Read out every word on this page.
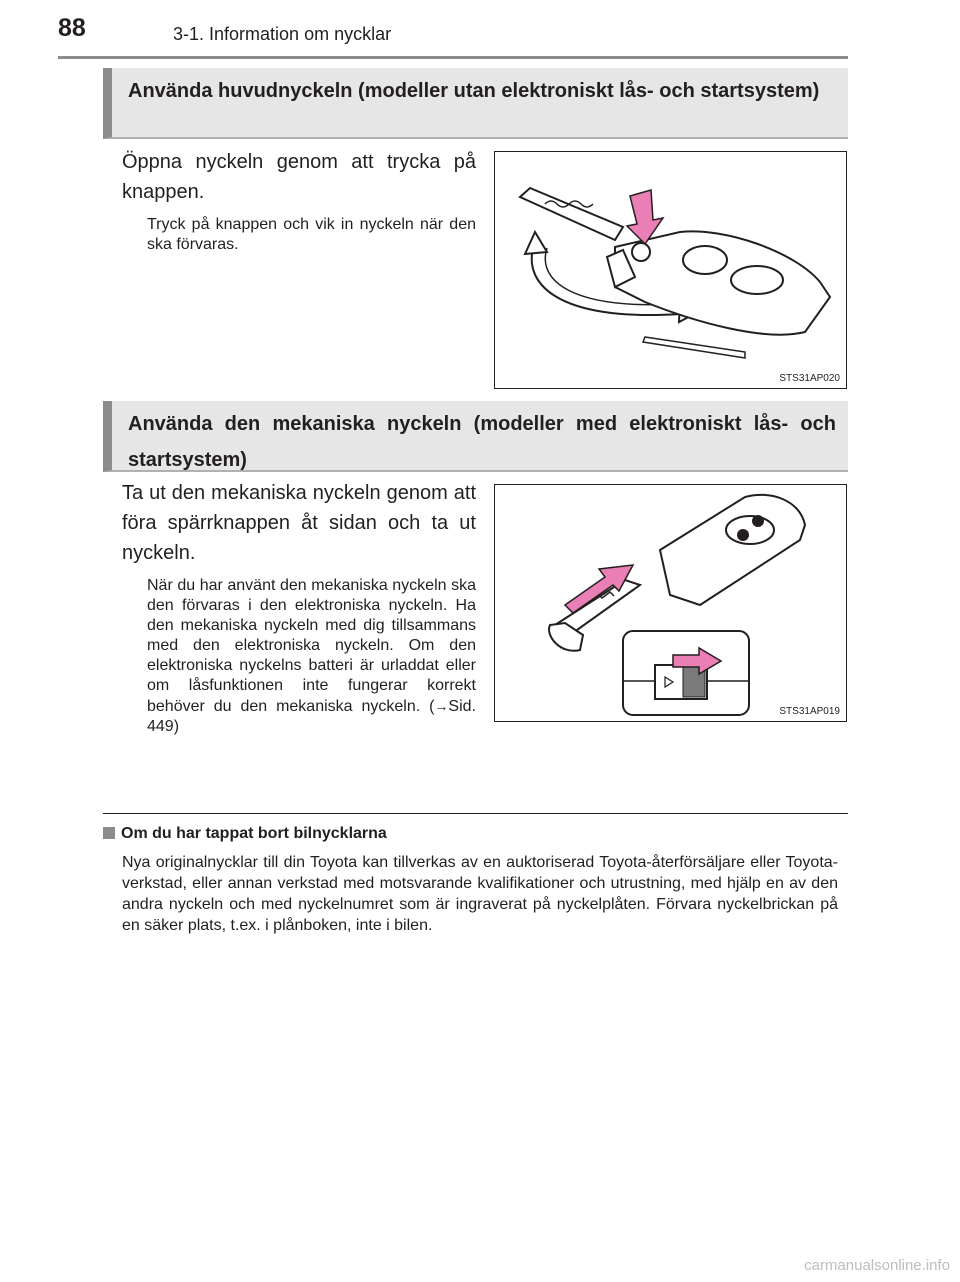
88	3-1. Information om nycklar
Använda huvudnyckeln (modeller utan elektroniskt lås- och startsystem)
Öppna nyckeln genom att trycka på knappen.
Tryck på knappen och vik in nyckeln när den ska förvaras.
STS31AP020
Använda den mekaniska nyckeln (modeller med elektroniskt lås- och startsystem)
Ta ut den mekaniska nyckeln genom att föra spärrknappen åt sidan och ta ut nyckeln.
När du har använt den mekaniska nyckeln ska den förvaras i den elektroniska nyckeln. Ha den mekaniska nyckeln med dig tillsammans med den elektroniska nyckeln. Om den elektroniska nyckelns batteri är urladdat eller om låsfunktionen inte fungerar korrekt behöver du den mekaniska nyckeln. (→Sid. 449)
STS31AP019
Om du har tappat bort bilnycklarna
Nya originalnycklar till din Toyota kan tillverkas av en auktoriserad Toyota-återförsäljare eller Toyota-verkstad, eller annan verkstad med motsvarande kvalifikationer och utrustning, med hjälp en av den andra nyckeln och med nyckelnumret som är ingraverat på nyckelplåten. Förvara nyckelbrickan på en säker plats, t.ex. i plånboken, inte i bilen.
carmanualsonline.info
